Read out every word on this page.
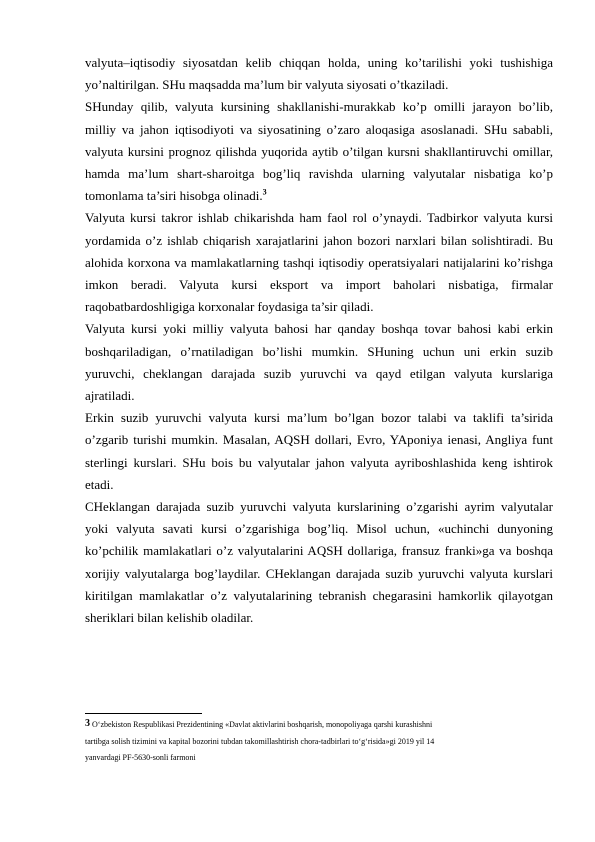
valyuta–iqtisodiy siyosatdan kelib chiqqan holda, uning ko’tarilishi yoki tushishiga yo’naltirilgan. SHu maqsadda ma’lum bir valyuta siyosati o’tkaziladi.

SHunday qilib, valyuta kursining shakllanishi-murakkab ko’p omilli jarayon bo’lib, milliy va jahon iqtisodiyoti va siyosatining o’zaro aloqasiga asoslanadi. SHu sababli, valyuta kursini prognoz qilishda yuqorida aytib o’tilgan kursni shakllantiruvchi omillar, hamda ma’lum shart-sharoitga bog’liq ravishda ularning valyutalar nisbatiga ko’p tomonlama ta’siri hisobga olinadi.$^3$

Valyuta kursi takror ishlab chikarishda ham faol rol o’ynaydi. Tadbirkor valyuta kursi yordamida o’z ishlab chiqarish xarajatlarini jahon bozori narxlari bilan solishtiradi. Bu alohida korxona va mamlakatlarning tashqi iqtisodiy operatsiyalari natijalarini ko’rishga imkon beradi. Valyuta kursi eksport va import baholari nisbatiga, firmalar raqobatbardoshligiga korxonalar foydasiga ta’sir qiladi.

Valyuta kursi yoki milliy valyuta bahosi har qanday boshqa tovar bahosi kabi erkin boshqariladigan, o’rnatiladigan bo’lishi mumkin. SHuning uchun uni erkin suzib yuruvchi, cheklangan darajada suzib yuruvchi va qayd etilgan valyuta kurslariga ajratiladi.

Erkin suzib yuruvchi valyuta kursi ma’lum bo’lgan bozor talabi va taklifi ta’sirida o’zgarib turishi mumkin. Masalan, AQSH dollari, Evro, YAponiya ienasi, Angliya funt sterlingi kurslari. SHu bois bu valyutalar jahon valyuta ayriboshlashida keng ishtirok etadi.

CHeklangan darajada suzib yuruvchi valyuta kurslarining o’zgarishi ayrim valyutalar yoki valyuta savati kursi o’zgarishiga bog’liq. Misol uchun, «uchinchi dunyoning ko’pchilik mamlakatlari o’z valyutalarini AQSH dollariga, fransuz franki»ga va boshqa xorijiy valyutalarga bog’laydilar. CHeklangan darajada suzib yuruvchi valyuta kurslari kiritilgan mamlakatlar o’z valyutalarining tebranish chegarasini hamkorlik qilayotgan sheriklari bilan kelishib oladilar.

3 O‘zbekiston Respublikasi Prezidentining «Davlat aktivlarini boshqarish, monopoliyaga qarshi kurashishni
tartibga solish tizimini va kapital bozorini tubdan takomillashtirish chora-tadbirlari to‘g‘risida»gi 2019 yil 14
yanvardagi PF-5630-sonli farmoni
